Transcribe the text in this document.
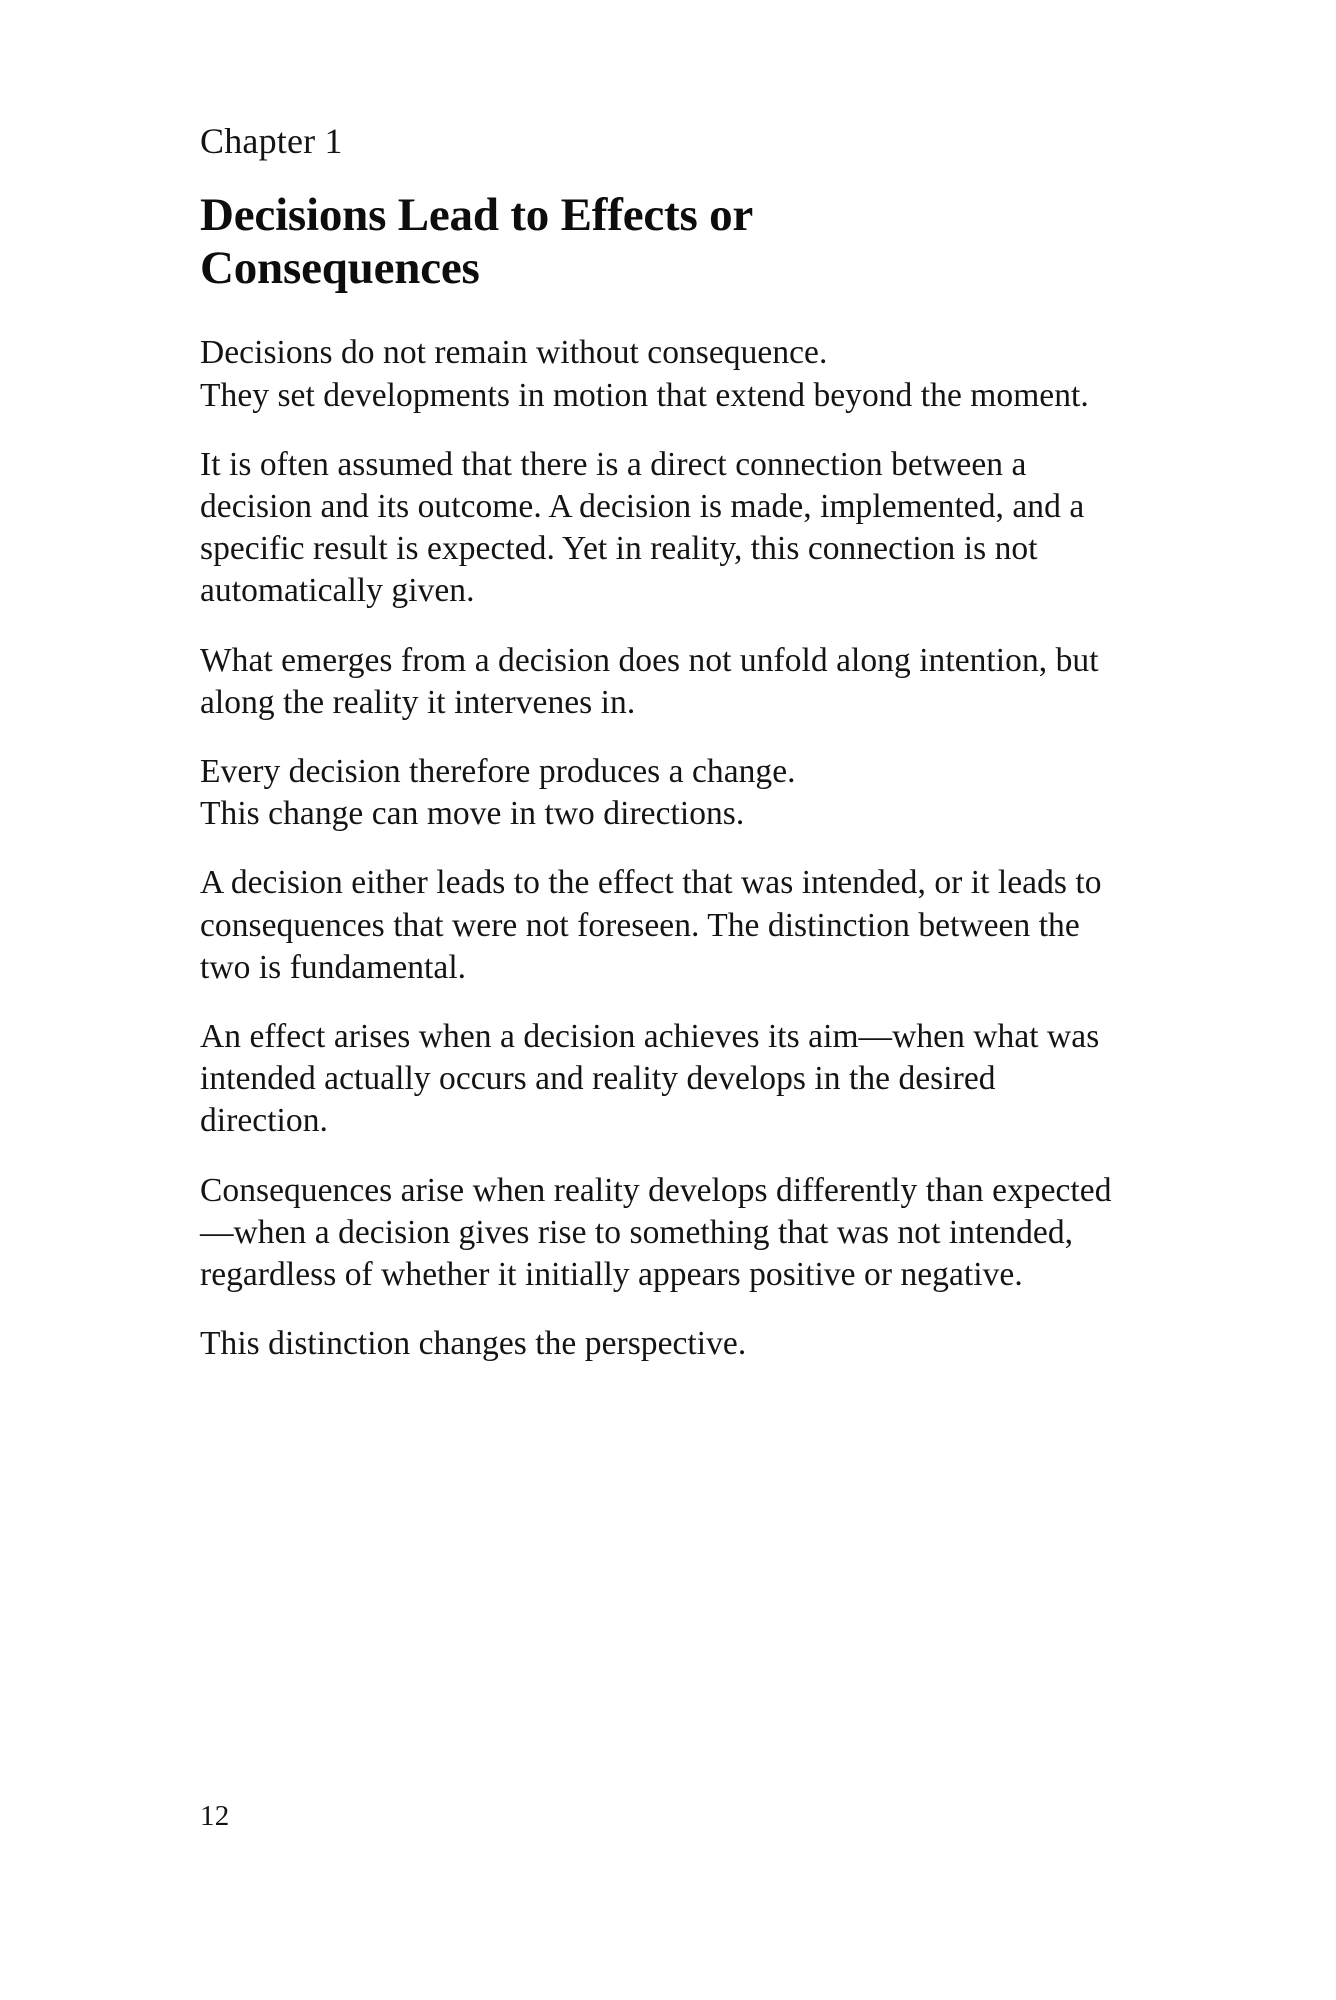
Chapter 1

Decisions Lead to Effects or Consequences

Decisions do not remain without consequence.
They set developments in motion that extend beyond the moment.

It is often assumed that there is a direct connection between a decision and its outcome. A decision is made, implemented, and a specific result is expected. Yet in reality, this connection is not automatically given.

What emerges from a decision does not unfold along intention, but along the reality it intervenes in.

Every decision therefore produces a change.
This change can move in two directions.

A decision either leads to the effect that was intended, or it leads to consequences that were not foreseen. The distinction between the two is fundamental.

An effect arises when a decision achieves its aim—when what was intended actually occurs and reality develops in the desired direction.

Consequences arise when reality develops differently than expected—when a decision gives rise to something that was not intended, regardless of whether it initially appears positive or negative.

This distinction changes the perspective.

12
